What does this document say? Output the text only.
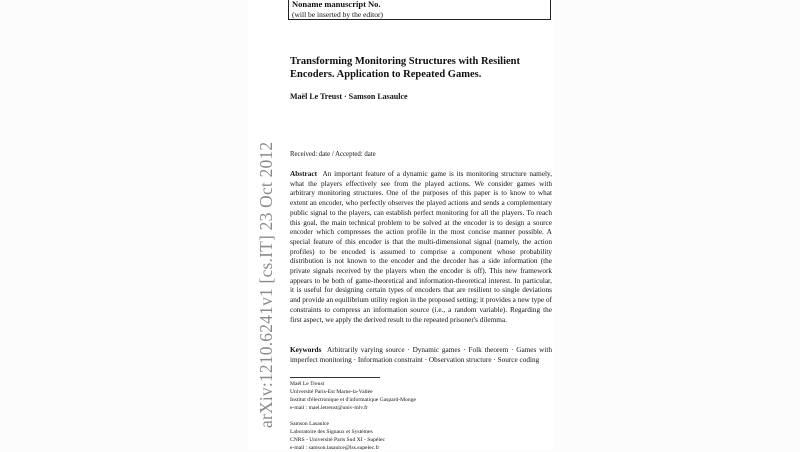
arXiv:1210.6241v1 [cs.IT] 23 Oct 2012
Noname manuscript No.
(will be inserted by the editor)
Transforming Monitoring Structures with Resilient Encoders. Application to Repeated Games.
Maël Le Treust · Samson Lasaulce
Received: date / Accepted: date

Abstract An important feature of a dynamic game is its monitoring structure namely, what the players effectively see from the played actions. We consider games with arbitrary monitoring structures. One of the purposes of this paper is to know to what extent an encoder, who perfectly observes the played actions and sends a complementary public signal to the players, can establish perfect monitoring for all the players. To reach this goal, the main technical problem to be solved at the encoder is to design a source encoder which compresses the action profile in the most concise manner possible. A special feature of this encoder is that the multi-dimensional signal (namely, the action profiles) to be encoded is assumed to comprise a component whose probability distribution is not known to the encoder and the decoder has a side information (the private signals received by the players when the encoder is off). This new framework appears to be both of game-theoretical and information-theoretical interest. In particular, it is useful for designing certain types of encoders that are resilient to single deviations and provide an equilibrium utility region in the proposed setting; it provides a new type of constraints to compress an information source (i.e., a random variable). Regarding the first aspect, we apply the derived result to the repeated prisoner's dilemma.

Keywords Arbitrarily varying source · Dynamic games · Folk theorem · Games with imperfect monitoring · Information constraint · Observation structure · Source coding

Maël Le Treust
Université Paris-Est Marne-la-Vallée
Institut d'électronique et d'informatique Gaspard-Monge
e-mail : mael.letreust@univ-mlv.fr
Samson Lasaulce
Laboratoire des Signaux et Systèmes
CNRS - Université Paris Sud XI - Supélec
e-mail : samson.lasaulce@lss.supelec.fr
